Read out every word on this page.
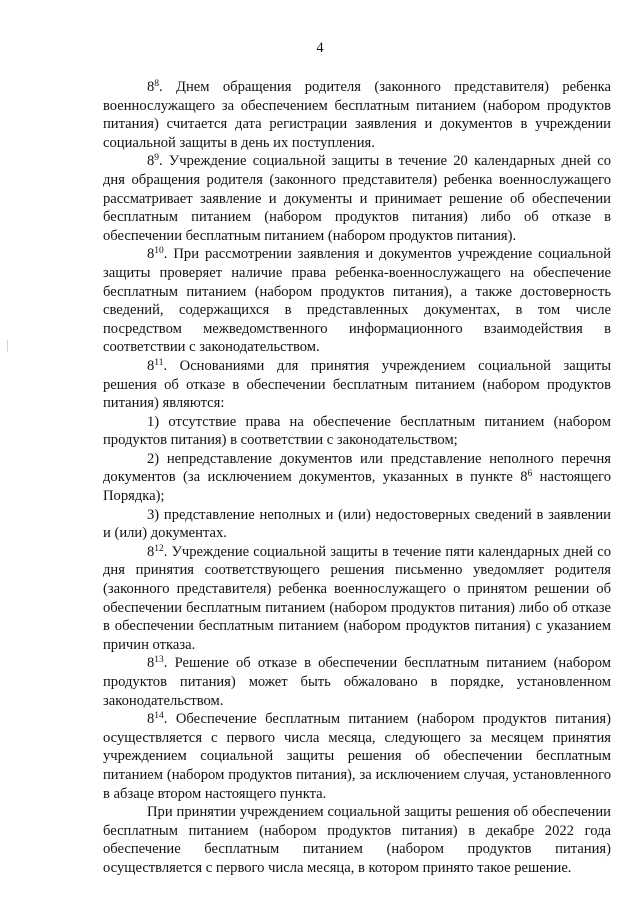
4

$8^8$. Днем обращения родителя (законного представителя) ребенка военнослужащего за обеспечением бесплатным питанием (набором продуктов питания) считается дата регистрации заявления и документов в учреждении социальной защиты в день их поступления.

$8^9$. Учреждение социальной защиты в течение 20 календарных дней со дня обращения родителя (законного представителя) ребенка военнослужащего рассматривает заявление и документы и принимает решение об обеспечении бесплатным питанием (набором продуктов питания) либо об отказе в обеспечении бесплатным питанием (набором продуктов питания).

$8^{10}$. При рассмотрении заявления и документов учреждение социальной защиты проверяет наличие права ребенка-военнослужащего на обеспечение бесплатным питанием (набором продуктов питания), а также достоверность сведений, содержащихся в представленных документах, в том числе посредством межведомственного информационного взаимодействия в соответствии с законодательством.

$8^{11}$. Основаниями для принятия учреждением социальной защиты решения об отказе в обеспечении бесплатным питанием (набором продуктов питания) являются:

1) отсутствие права на обеспечение бесплатным питанием (набором продуктов питания) в соответствии с законодательством;

2) непредставление документов или представление неполного перечня документов (за исключением документов, указанных в пункте $8^6$ настоящего Порядка);

3) представление неполных и (или) недостоверных сведений в заявлении и (или) документах.

$8^{12}$. Учреждение социальной защиты в течение пяти календарных дней со дня принятия соответствующего решения письменно уведомляет родителя (законного представителя) ребенка военнослужащего о принятом решении об обеспечении бесплатным питанием (набором продуктов питания) либо об отказе в обеспечении бесплатным питанием (набором продуктов питания) с указанием причин отказа.

$8^{13}$. Решение об отказе в обеспечении бесплатным питанием (набором продуктов питания) может быть обжаловано в порядке, установленном законодательством.

$8^{14}$. Обеспечение бесплатным питанием (набором продуктов питания) осуществляется с первого числа месяца, следующего за месяцем принятия учреждением социальной защиты решения об обеспечении бесплатным питанием (набором продуктов питания), за исключением случая, установленного в абзаце втором настоящего пункта.

При принятии учреждением социальной защиты решения об обеспечении бесплатным питанием (набором продуктов питания) в декабре 2022 года обеспечение бесплатным питанием (набором продуктов питания) осуществляется с первого числа месяца, в котором принято такое решение.
